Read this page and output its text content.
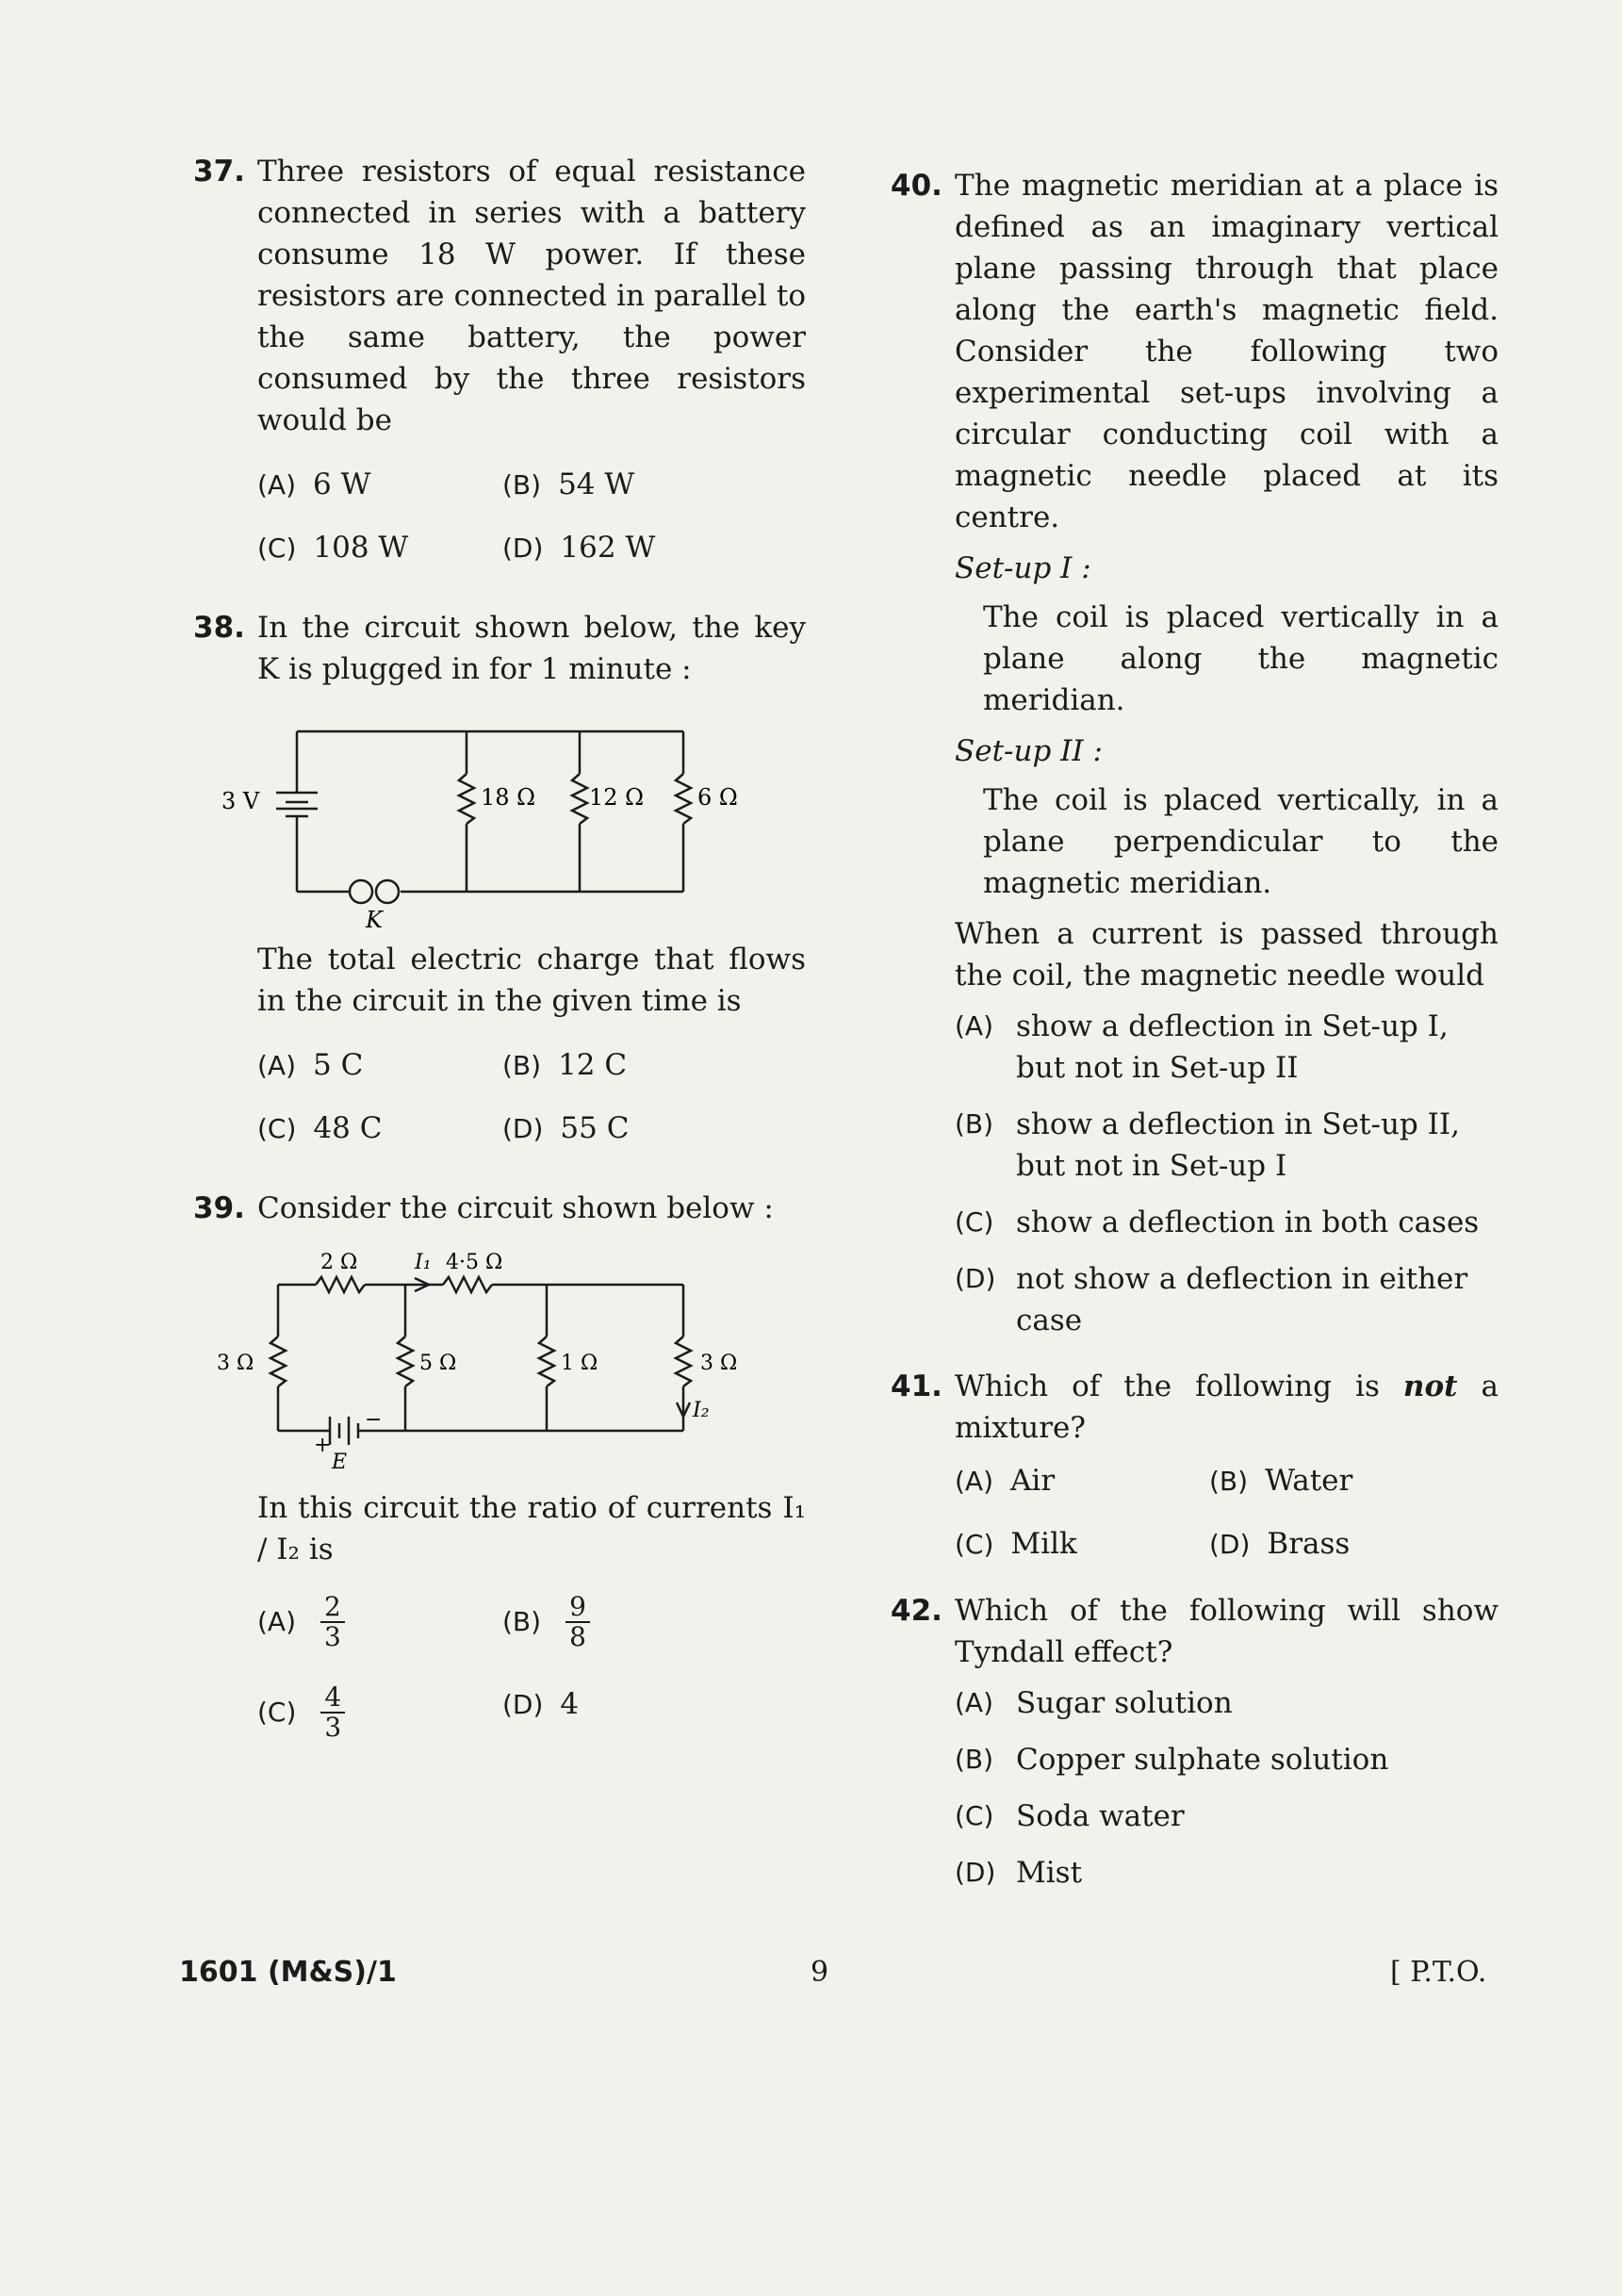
37. Three resistors of equal resistance connected in series with a battery consume 18 W power. If these resistors are connected in parallel to the same battery, the power consumed by the three resistors would be

(A) 6 W	(B) 54 W
(C) 108 W	(D) 162 W
38. In the circuit shown below, the key K is plugged in for 1 minute :

3 V
K
18 Ω 12 Ω 6 Ω

The total electric charge that flows in the circuit in the given time is

(A) 5 C	(B) 12 C
(C) 48 C	(D) 55 C
39. Consider the circuit shown below :

2 Ω	I₁ 4·5 Ω
3 Ω	5 Ω	1 Ω	3 Ω
I₂
+
−
E

In this circuit the ratio of currents I₁ / I₂ is

$(A) \frac{2}{3}$	$(B) \frac{9}{8}$
$(C) \frac{4}{3}$	(D) 4
40. The magnetic meridian at a place is defined as an imaginary vertical plane passing through that place along the earth's magnetic field. Consider the following two experimental set-ups involving a circular conducting coil with a magnetic needle placed at its centre.

Set-up I :

The coil is placed vertically in a plane along the magnetic meridian.

Set-up II :

The coil is placed vertically, in a plane perpendicular to the magnetic meridian.

When a current is passed through the coil, the magnetic needle would

(A) show a deflection in Set-up I, but not in Set-up II
(B) show a deflection in Set-up II, but not in Set-up I
(C) show a deflection in both cases
(D) not show a deflection in either case
41. Which of the following is not a mixture?

(A) Air	(B) Water
(C) Milk	(D) Brass
42. Which of the following will show Tyndall effect?

(A) Sugar solution
(B) Copper sulphate solution
(C) Soda water
(D) Mist
1601 (M&S)/1	9	[ P.T.O.
